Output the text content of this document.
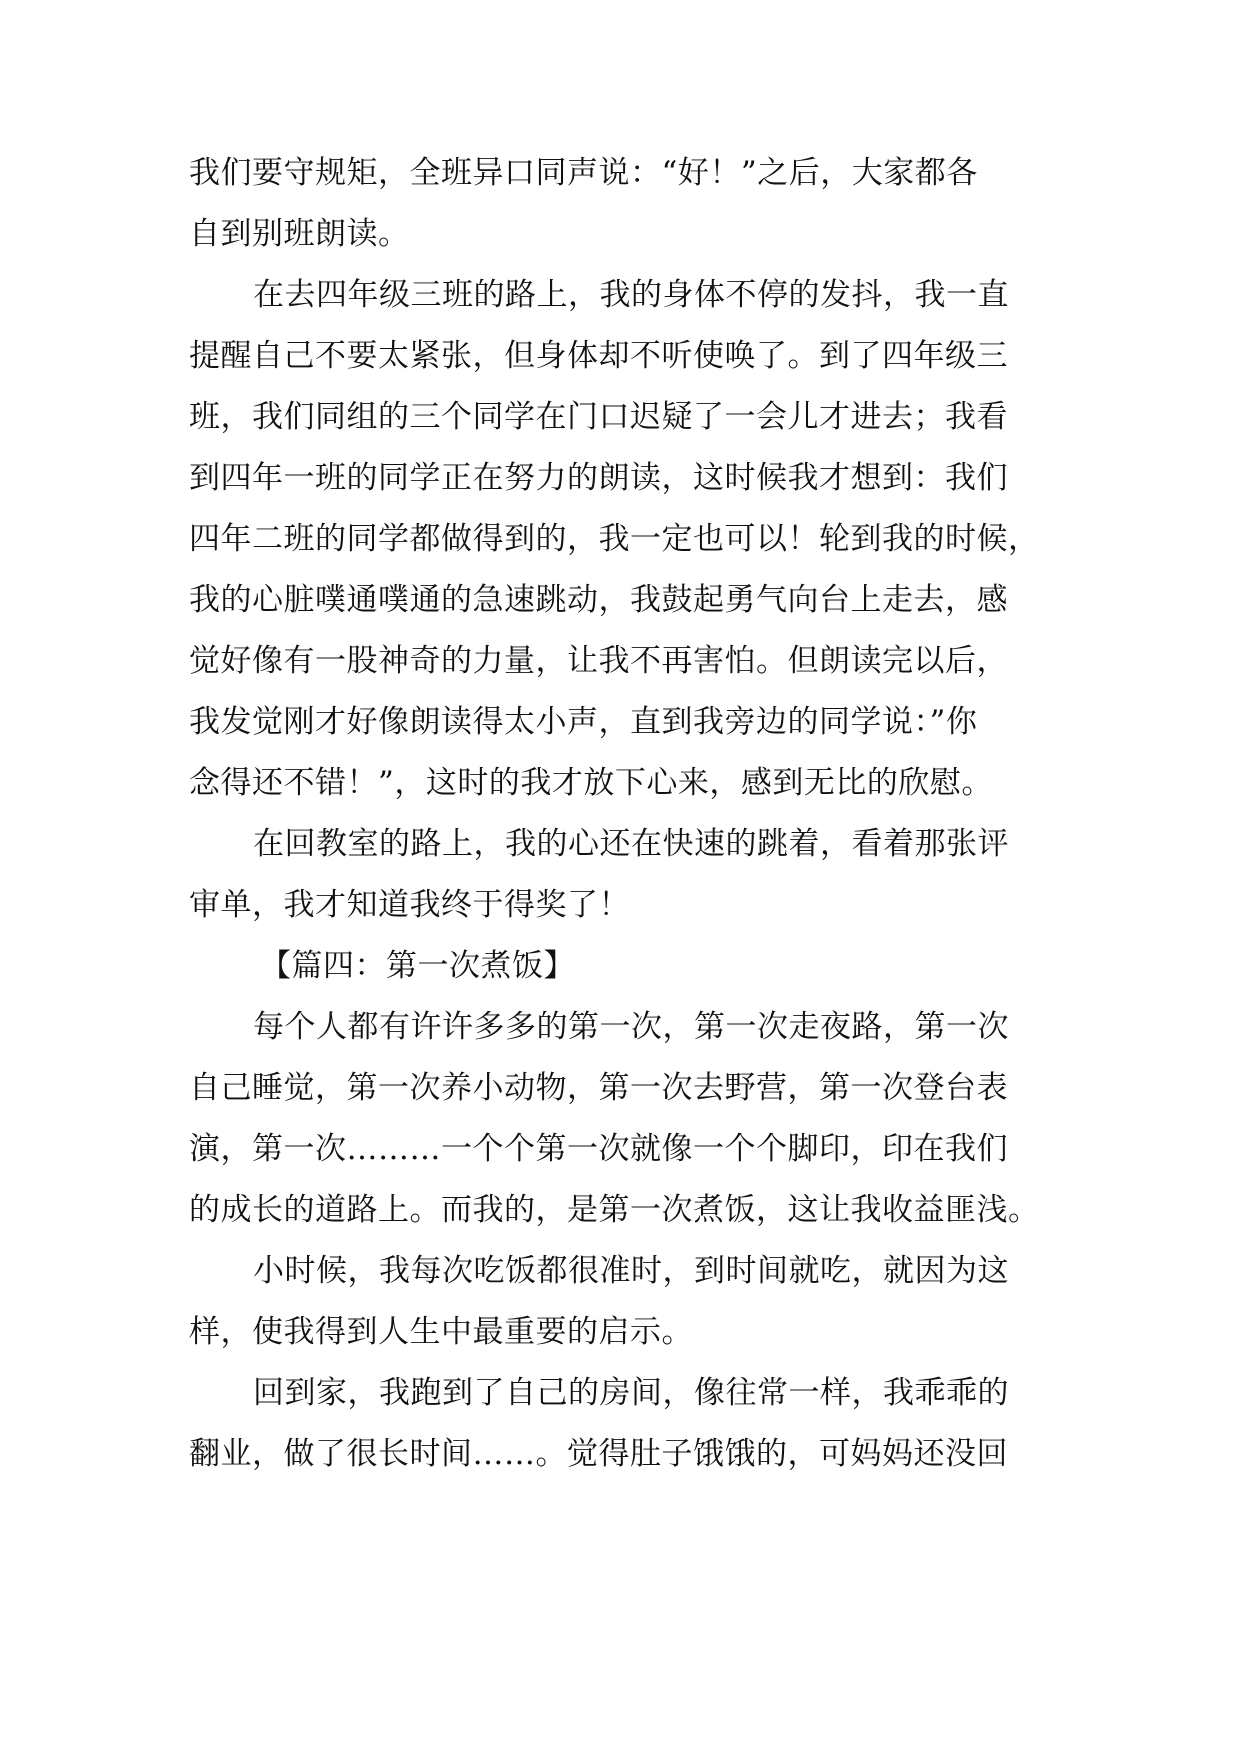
我们要守规矩，全班异口同声说：“好！”之后，大家都各
自到别班朗读。
在去四年级三班的路上，我的身体不停的发抖，我一直
提醒自己不要太紧张，但身体却不听使唤了。到了四年级三
班，我们同组的三个同学在门口迟疑了一会儿才进去；我看
到四年一班的同学正在努力的朗读，这时候我才想到：我们
四年二班的同学都做得到的，我一定也可以！轮到我的时候，
我的心脏噗通噗通的急速跳动，我鼓起勇气向台上走去，感
觉好像有一股神奇的力量，让我不再害怕。但朗读完以后，
我发觉刚才好像朗读得太小声，直到我旁边的同学说：”你
念得还不错！”，这时的我才放下心来，感到无比的欣慰。
在回教室的路上，我的心还在快速的跳着，看着那张评
审单，我才知道我终于得奖了！
【篇四：第一次煮饭】
每个人都有许许多多的第一次，第一次走夜路，第一次
自己睡觉，第一次养小动物，第一次去野营，第一次登台表
演，第一次………一个个第一次就像一个个脚印，印在我们
的成长的道路上。而我的，是第一次煮饭，这让我收益匪浅。
小时候，我每次吃饭都很准时，到时间就吃，就因为这
样，使我得到人生中最重要的启示。
回到家，我跑到了自己的房间，像往常一样，我乖乖的
翻业，做了很长时间……。觉得肚子饿饿的，可妈妈还没回
